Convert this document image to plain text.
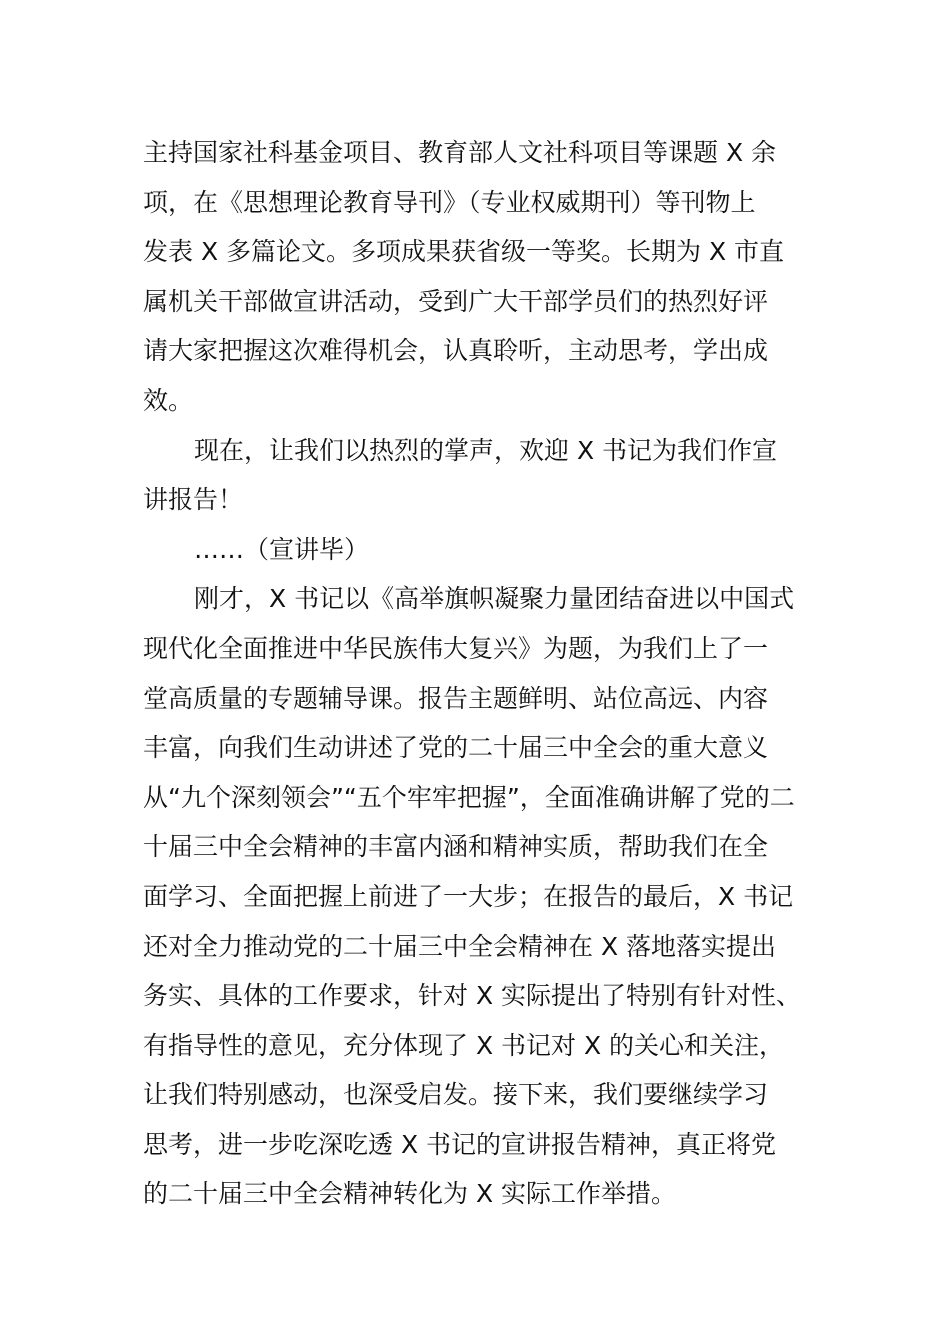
主持国家社科基金项目、教育部人文社科项目等课题 X 余
项，在《思想理论教育导刊》（专业权威期刊）等刊物上
发表 X 多篇论文。多项成果获省级一等奖。长期为 X 市直
属机关干部做宣讲活动，受到广大干部学员们的热烈好评
请大家把握这次难得机会，认真聆听，主动思考，学出成
效。
现在，让我们以热烈的掌声，欢迎 X 书记为我们作宣
讲报告！
……（宣讲毕）
刚才，X 书记以《高举旗帜凝聚力量团结奋进以中国式
现代化全面推进中华民族伟大复兴》为题，为我们上了一
堂高质量的专题辅导课。报告主题鲜明、站位高远、内容
丰富，向我们生动讲述了党的二十届三中全会的重大意义
从“九个深刻领会”“五个牢牢把握”，全面准确讲解了党的二
十届三中全会精神的丰富内涵和精神实质，帮助我们在全
面学习、全面把握上前进了一大步；在报告的最后，X 书记
还对全力推动党的二十届三中全会精神在 X 落地落实提出
务实、具体的工作要求，针对 X 实际提出了特别有针对性、
有指导性的意见，充分体现了 X 书记对 X 的关心和关注，
让我们特别感动，也深受启发。接下来，我们要继续学习
思考，进一步吃深吃透 X 书记的宣讲报告精神，真正将党
的二十届三中全会精神转化为 X 实际工作举措。
